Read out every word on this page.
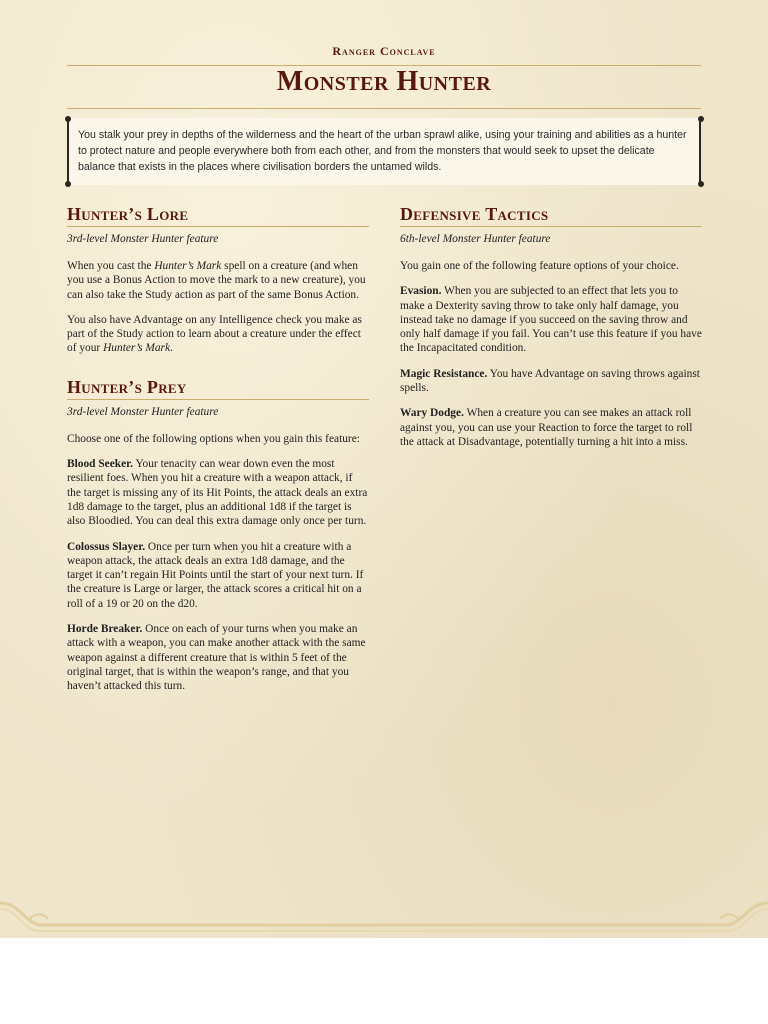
Ranger Conclave
Monster Hunter
You stalk your prey in depths of the wilderness and the heart of the urban sprawl alike, using your training and abilities as a hunter to protect nature and people everywhere both from each other, and from the monsters that would seek to upset the delicate balance that exists in the places where civilisation borders the untamed wilds.
Hunter’s Lore
3rd-level Monster Hunter feature

When you cast the Hunter’s Mark spell on a creature (and when you use a Bonus Action to move the mark to a new creature), you can also take the Study action as part of the same Bonus Action.

You also have Advantage on any Intelligence check you make as part of the Study action to learn about a creature under the effect of your Hunter’s Mark.

Hunter’s Prey
3rd-level Monster Hunter feature

Choose one of the following options when you gain this feature:

Blood Seeker. Your tenacity can wear down even the most resilient foes. When you hit a creature with a weapon attack, if the target is missing any of its Hit Points, the attack deals an extra 1d8 damage to the target, plus an additional 1d8 if the target is also Bloodied. You can deal this extra damage only once per turn.

Colossus Slayer. Once per turn when you hit a creature with a weapon attack, the attack deals an extra 1d8 damage, and the target it can’t regain Hit Points until the start of your next turn. If the creature is Large or larger, the attack scores a critical hit on a roll of a 19 or 20 on the d20.

Horde Breaker. Once on each of your turns when you make an attack with a weapon, you can make another attack with the same weapon against a different creature that is within 5 feet of the original target, that is within the weapon’s range, and that you haven’t attacked this turn.

Defensive Tactics
6th-level Monster Hunter feature

You gain one of the following feature options of your choice.

Evasion. When you are subjected to an effect that lets you to make a Dexterity saving throw to take only half damage, you instead take no damage if you succeed on the saving throw and only half damage if you fail. You can’t use this feature if you have the Incapacitated condition.

Magic Resistance. You have Advantage on saving throws against spells.

Wary Dodge. When a creature you can see makes an attack roll against you, you can use your Reaction to force the target to roll the attack at Disadvantage, potentially turning a hit into a miss.
